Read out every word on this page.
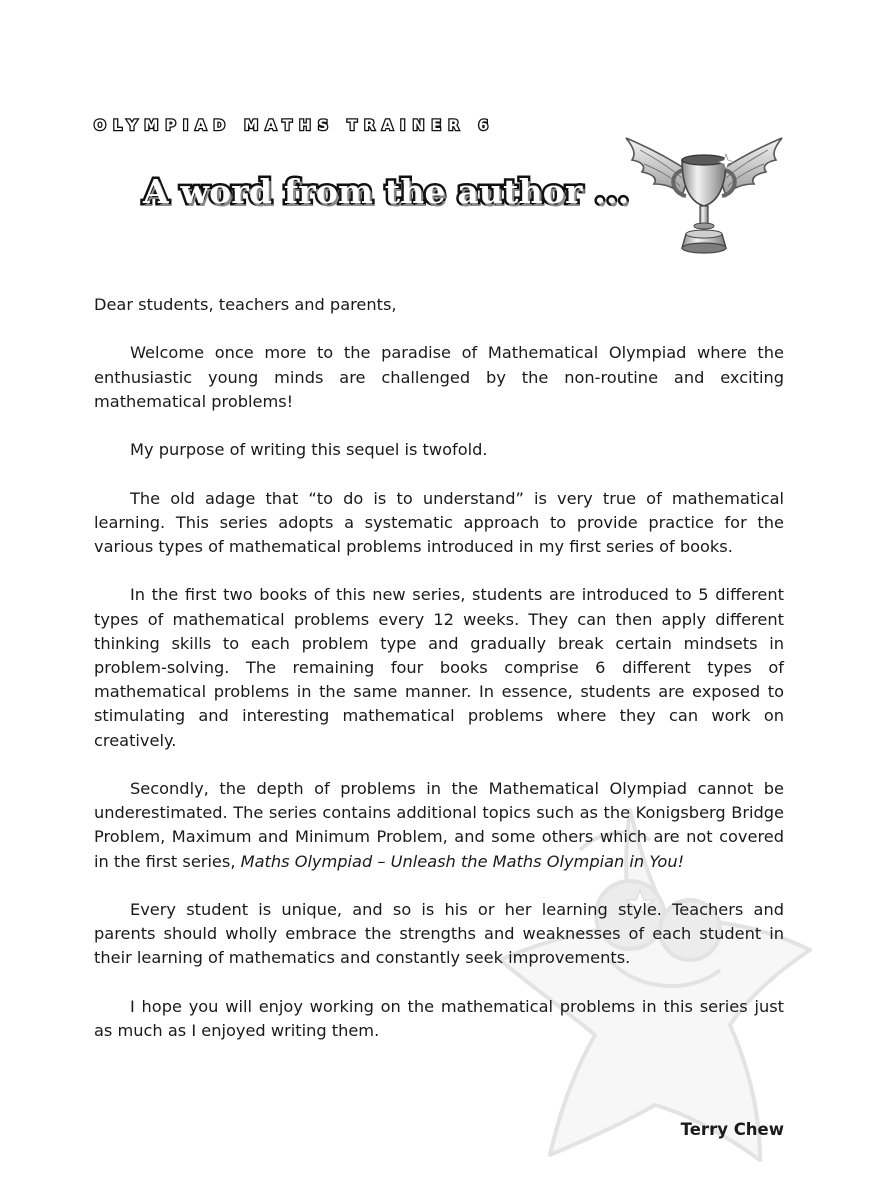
OLYMPIAD MATHS TRAINER 6
A word from the author ...

Dear students, teachers and parents,

Welcome once more to the paradise of Mathematical Olympiad where the enthusiastic young minds are challenged by the non-routine and exciting mathematical problems!

My purpose of writing this sequel is twofold.

The old adage that “to do is to understand” is very true of mathematical learning. This series adopts a systematic approach to provide practice for the various types of mathematical problems introduced in my first series of books.

In the first two books of this new series, students are introduced to 5 different types of mathematical problems every 12 weeks. They can then apply different thinking skills to each problem type and gradually break certain mindsets in problem-solving. The remaining four books comprise 6 different types of mathematical problems in the same manner. In essence, students are exposed to stimulating and interesting mathematical problems where they can work on creatively.

Secondly, the depth of problems in the Mathematical Olympiad cannot be underestimated. The series contains additional topics such as the Konigsberg Bridge Problem, Maximum and Minimum Problem, and some others which are not covered in the first series, Maths Olympiad – Unleash the Maths Olympian in You!

Every student is unique, and so is his or her learning style. Teachers and parents should wholly embrace the strengths and weaknesses of each student in their learning of mathematics and constantly seek improvements.

I hope you will enjoy working on the mathematical problems in this series just as much as I enjoyed writing them.

Terry Chew
